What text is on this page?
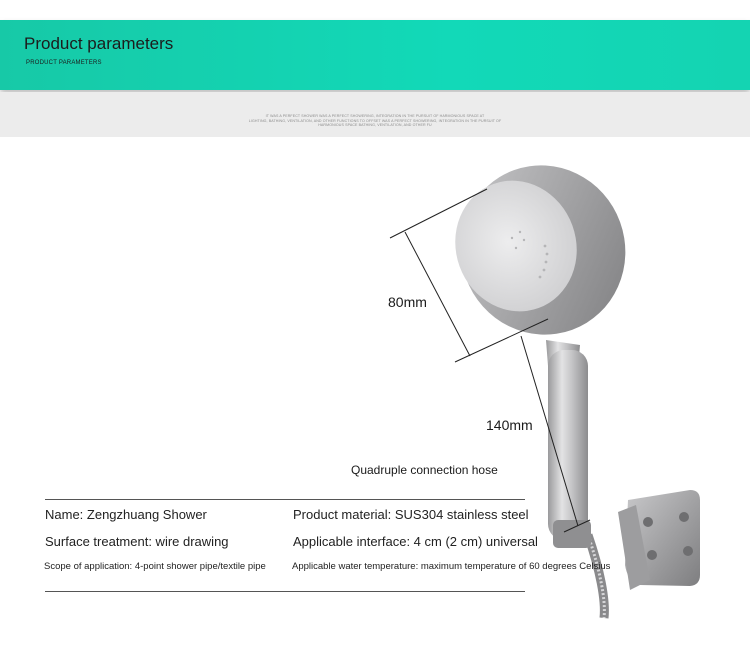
Product parameters
PRODUCT PARAMETERS
IT WAS A PERFECT SHOWER WAS A PERFECT SHOWERING, INTEGRATION IN THE PURSUIT OF HARMONIOUS SPACE AT
LIGHTING, BATHING, VENTILATION, AND OTHER FUNCTIONS TO OFFSET WAS A PERFECT SHOWERING, INTEGRATION IN THE PURSUIT OF
HARMONIOUS SPACE BATHING, VENTILATION, AND OTHER FU
80mm
140mm
Quadruple connection hose
Name: Zengzhuang Shower	Product material: SUS304 stainless steel
Surface treatment: wire drawing	Applicable interface: 4 cm (2 cm) universal
Scope of application: 4-point shower pipe/textile pipe	Applicable water temperature: maximum temperature of 60 degrees Celsius
